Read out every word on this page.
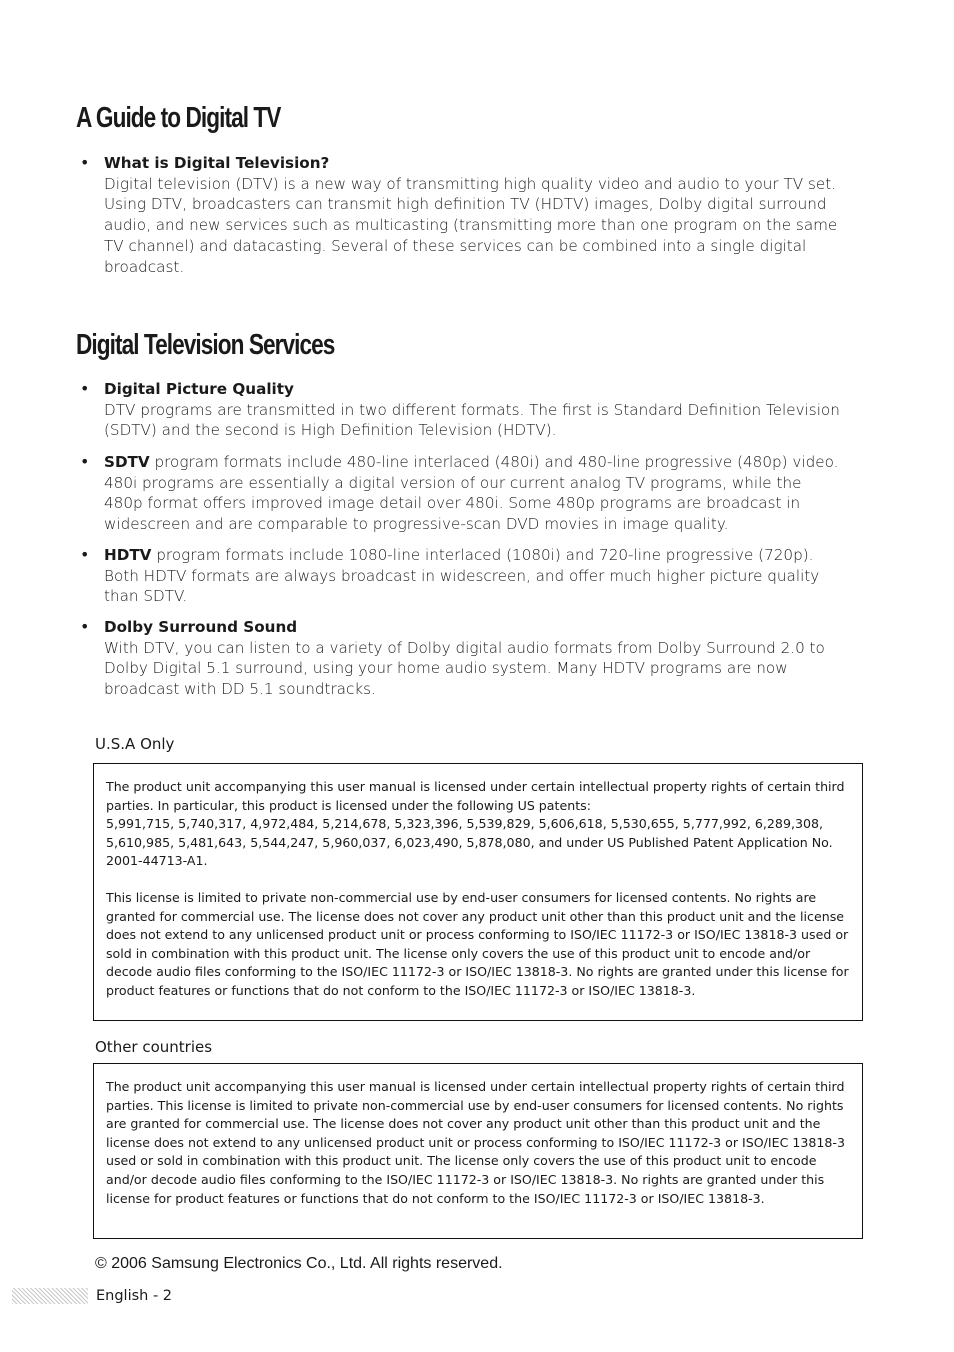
A Guide to Digital TV
• What is Digital Television?
Digital television (DTV) is a new way of transmitting high quality video and audio to your TV set. Using DTV, broadcasters can transmit high definition TV (HDTV) images, Dolby digital surround audio, and new services such as multicasting (transmitting more than one program on the same TV channel) and datacasting. Several of these services can be combined into a single digital broadcast.
Digital Television Services
• Digital Picture Quality
DTV programs are transmitted in two different formats. The first is Standard Definition Television (SDTV) and the second is High Definition Television (HDTV).
• SDTV program formats include 480-line interlaced (480i) and 480-line progressive (480p) video. 480i programs are essentially a digital version of our current analog TV programs, while the 480p format offers improved image detail over 480i. Some 480p programs are broadcast in widescreen and are comparable to progressive-scan DVD movies in image quality.
• HDTV program formats include 1080-line interlaced (1080i) and 720-line progressive (720p). Both HDTV formats are always broadcast in widescreen, and offer much higher picture quality than SDTV.
• Dolby Surround Sound
With DTV, you can listen to a variety of Dolby digital audio formats from Dolby Surround 2.0 to Dolby Digital 5.1 surround, using your home audio system. Many HDTV programs are now broadcast with DD 5.1 soundtracks.
U.S.A Only

The product unit accompanying this user manual is licensed under certain intellectual property rights of certain third parties. In particular, this product is licensed under the following US patents:

5,991,715, 5,740,317, 4,972,484, 5,214,678, 5,323,396, 5,539,829, 5,606,618, 5,530,655, 5,777,992, 6,289,308, 5,610,985, 5,481,643, 5,544,247, 5,960,037, 6,023,490, 5,878,080, and under US Published Patent Application No. 2001-44713-A1.

This license is limited to private non-commercial use by end-user consumers for licensed contents. No rights are granted for commercial use. The license does not cover any product unit other than this product unit and the license does not extend to any unlicensed product unit or process conforming to ISO/IEC 11172-3 or ISO/IEC 13818-3 used or sold in combination with this product unit. The license only covers the use of this product unit to encode and/or decode audio files conforming to the ISO/IEC 11172-3 or ISO/IEC 13818-3. No rights are granted under this license for product features or functions that do not conform to the ISO/IEC 11172-3 or ISO/IEC 13818-3.

Other countries

The product unit accompanying this user manual is licensed under certain intellectual property rights of certain third parties. This license is limited to private non-commercial use by end-user consumers for licensed contents. No rights are granted for commercial use. The license does not cover any product unit other than this product unit and the license does not extend to any unlicensed product unit or process conforming to ISO/IEC 11172-3 or ISO/IEC 13818-3 used or sold in combination with this product unit. The license only covers the use of this product unit to encode and/or decode audio files conforming to the ISO/IEC 11172-3 or ISO/IEC 13818-3. No rights are granted under this license for product features or functions that do not conform to the ISO/IEC 11172-3 or ISO/IEC 13818-3.

© 2006 Samsung Electronics Co., Ltd. All rights reserved.
English - 2
